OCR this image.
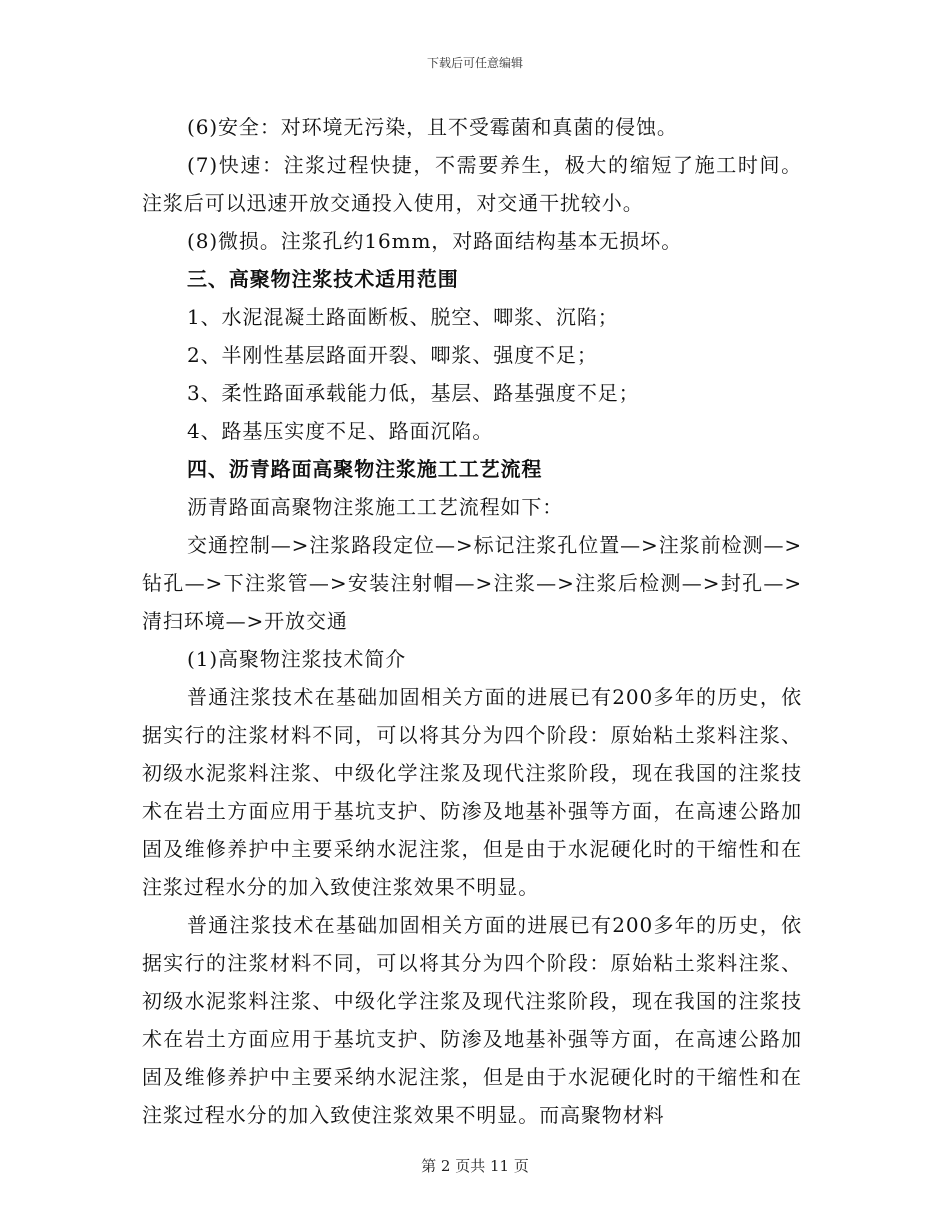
下载后可任意编辑

(6)安全：对环境无污染，且不受霉菌和真菌的侵蚀。

(7)快速：注浆过程快捷，不需要养生，极大的缩短了施工时间。注浆后可以迅速开放交通投入使用，对交通干扰较小。

(8)微损。注浆孔约16mm，对路面结构基本无损坏。

三、高聚物注浆技术适用范围

1、水泥混凝土路面断板、脱空、唧浆、沉陷；

2、半刚性基层路面开裂、唧浆、强度不足；

3、柔性路面承载能力低，基层、路基强度不足；

4、路基压实度不足、路面沉陷。

四、沥青路面高聚物注浆施工工艺流程

沥青路面高聚物注浆施工工艺流程如下：

交通控制—>注浆路段定位—>标记注浆孔位置—>注浆前检测—>钻孔—>下注浆管—>安装注射帽—>注浆—>注浆后检测—>封孔—>清扫环境—>开放交通

(1)高聚物注浆技术简介

普通注浆技术在基础加固相关方面的进展已有200多年的历史，依据实行的注浆材料不同，可以将其分为四个阶段：原始粘土浆料注浆、初级水泥浆料注浆、中级化学注浆及现代注浆阶段，现在我国的注浆技术在岩土方面应用于基坑支护、防渗及地基补强等方面，在高速公路加固及维修养护中主要采纳水泥注浆，但是由于水泥硬化时的干缩性和在注浆过程水分的加入致使注浆效果不明显。

普通注浆技术在基础加固相关方面的进展已有200多年的历史，依据实行的注浆材料不同，可以将其分为四个阶段：原始粘土浆料注浆、初级水泥浆料注浆、中级化学注浆及现代注浆阶段，现在我国的注浆技术在岩土方面应用于基坑支护、防渗及地基补强等方面，在高速公路加固及维修养护中主要采纳水泥注浆，但是由于水泥硬化时的干缩性和在注浆过程水分的加入致使注浆效果不明显。而高聚物材料

第 2 页共 11 页
